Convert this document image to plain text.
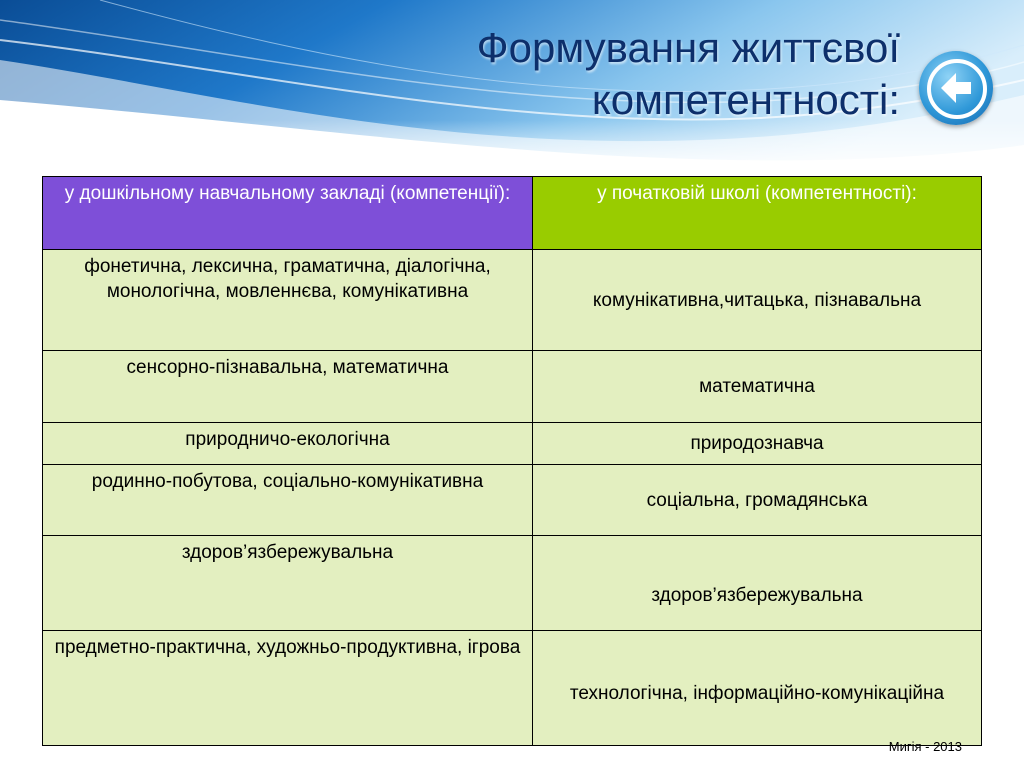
Формування життєвої
компетентності:
у дошкільному навчальному закладі (компетенції):	у початковій школі (компетентності):
фонетична, лексична, граматична, діалогічна, монологічна, мовленнєва, комунікативна	комунікативна,читацька, пізнавальна
сенсорно-пізнавальна, математична	математична
природничо-екологічна	природознавча
родинно-побутова, соціально-комунікативна	соціальна, громадянська
здоров’язбережувальна	здоров’язбережувальна
предметно-практична, художньо-продуктивна, ігрова	технологічна, інформаційно-комунікаційна
Мигія - 2013
